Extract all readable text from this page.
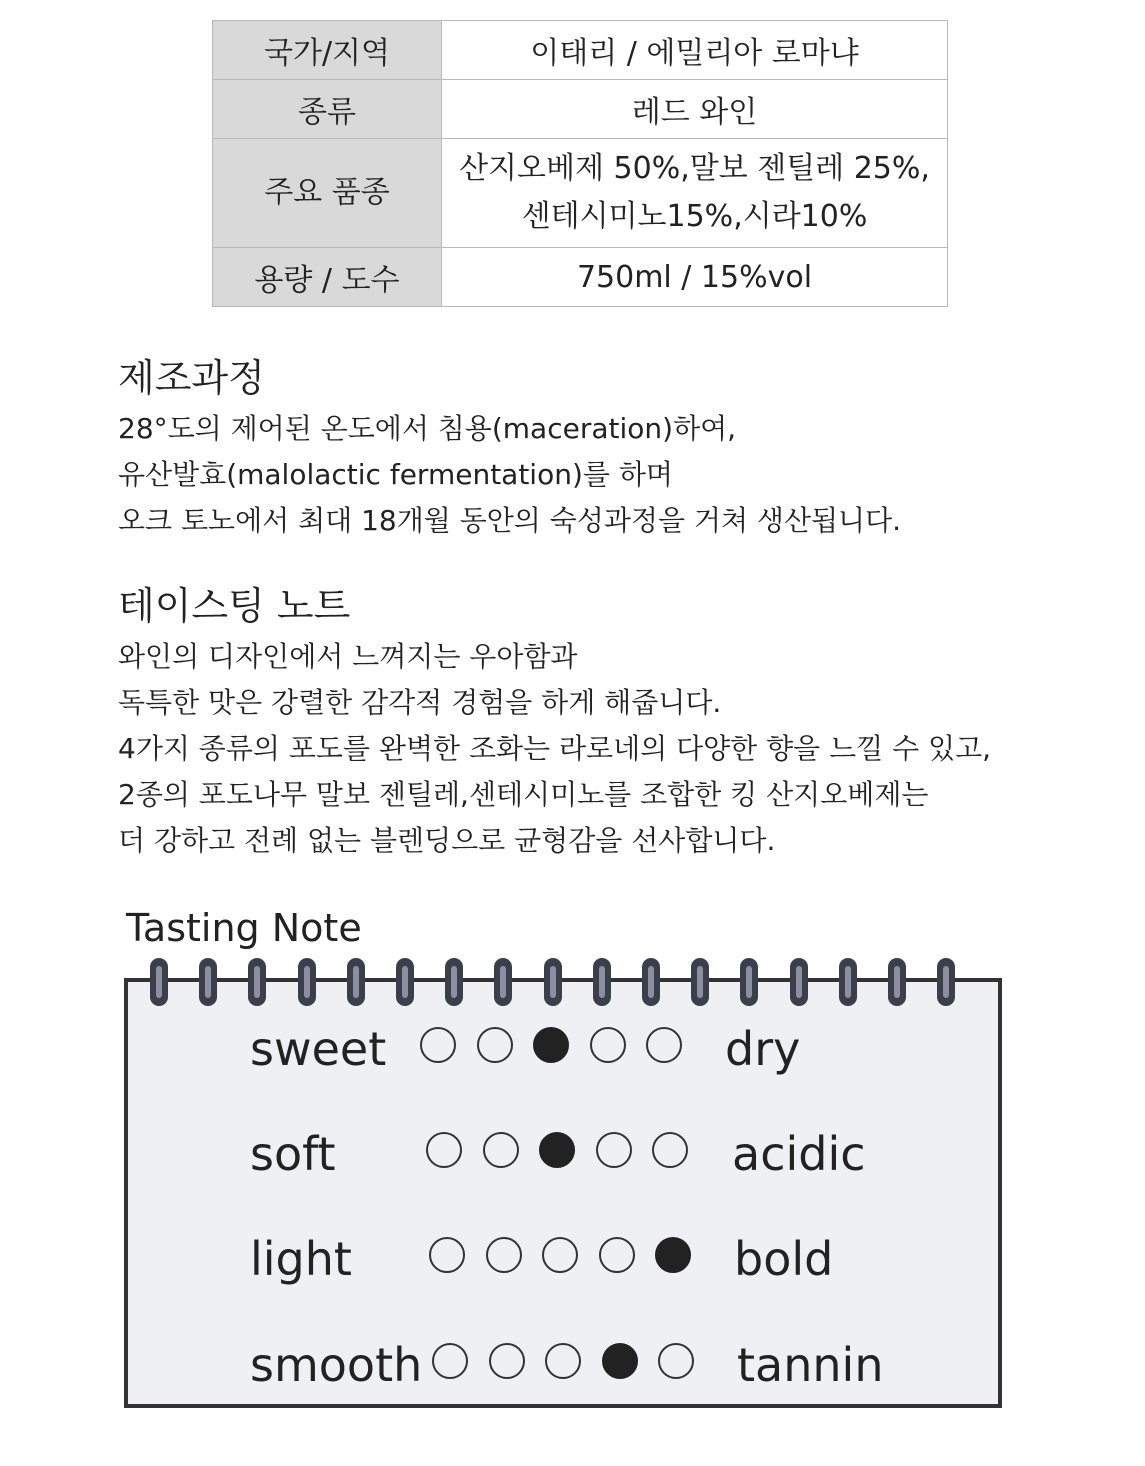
국가/지역	이태리 / 에밀리아 로마냐

종류	레드 와인

주요 품종	산지오베제 50%,말보 젠틸레 25%,
센테시미노15%,시라10%

용량 / 도수	750ml / 15%vol
제조과정

28°도의 제어된 온도에서 침용(maceration)하여,

유산발효(malolactic fermentation)를 하며

오크 토노에서 최대 18개월 동안의 숙성과정을 거쳐 생산됩니다.

테이스팅 노트

와인의 디자인에서 느껴지는 우아함과

독특한 맛은 강렬한 감각적 경험을 하게 해줍니다.

4가지 종류의 포도를 완벽한 조화는 라로네의 다양한 향을 느낄 수 있고,

2종의 포도나무 말보 젠틸레,센테시미노를 조합한 킹 산지오베제는

더 강하고 전례 없는 블렌딩으로 균형감을 선사합니다.

Tasting Note
sweet	dry
soft	acidic
light	bold
smooth	tannin
